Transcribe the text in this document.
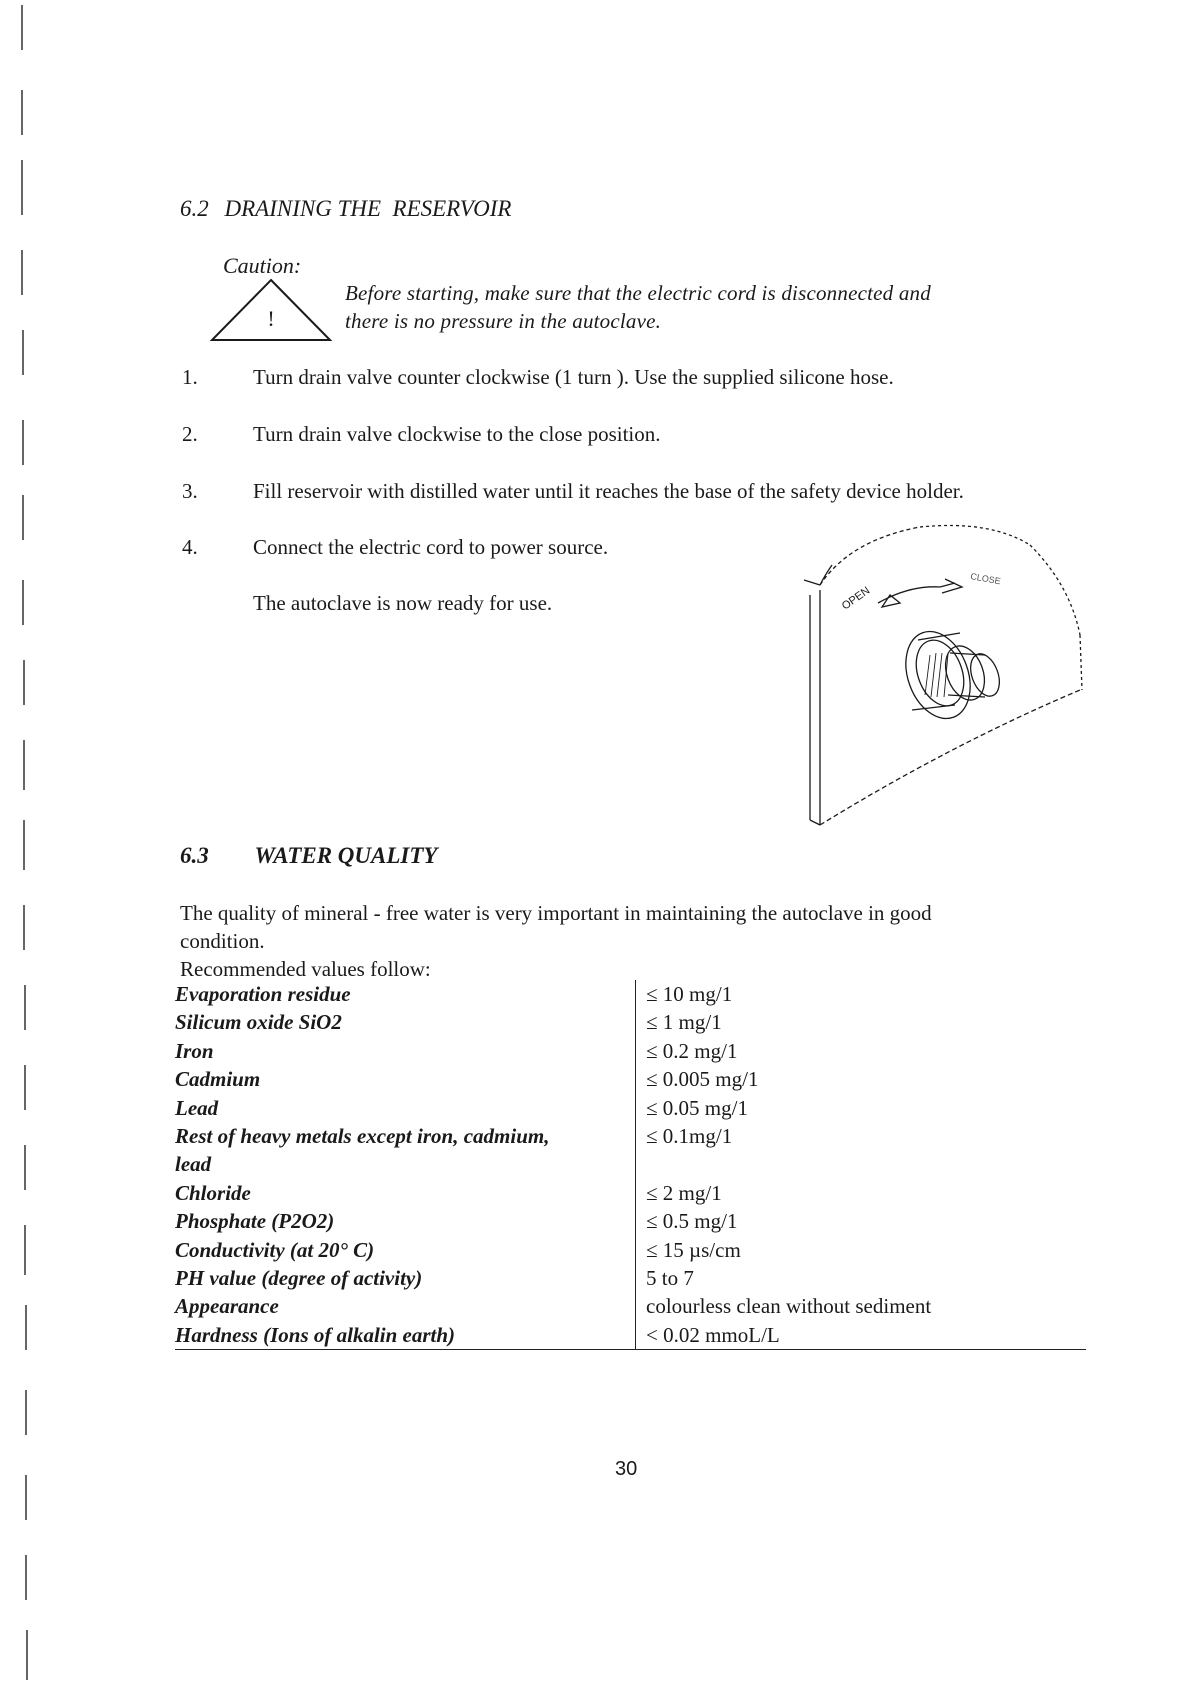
6.2 DRAINING THE  RESERVOIR
Caution:
!
Before starting, make sure that the electric cord is disconnected and
there is no pressure in the autoclave.
1.	Turn drain valve counter clockwise (1 turn ). Use the supplied silicone hose.
2.	Turn drain valve clockwise to the close position.
3.	Fill reservoir with distilled water until it reaches the base of the safety device holder.
4.	Connect the electric cord to power source.
The autoclave is now ready for use.	OPEN
CLOSE
6.3 WATER QUALITY
The quality of mineral - free water is very important in maintaining the autoclave in good
condition.
Recommended values follow:
Evaporation residue	≤ 10 mg/1
Silicum oxide SiO2	≤ 1 mg/1
Iron	≤ 0.2 mg/1
Cadmium	≤ 0.005 mg/1
Lead	≤ 0.05 mg/1
Rest of heavy metals except iron, cadmium,	≤ 0.1mg/1
lead	
Chloride	≤ 2 mg/1
Phosphate (P2O2)	≤ 0.5 mg/1
Conductivity (at 20° C)	≤ 15 µs/cm
PH value (degree of activity)	5 to 7
Appearance	colourless clean without sediment
Hardness (Ions of alkalin earth)	< 0.02 mmoL/L
30
